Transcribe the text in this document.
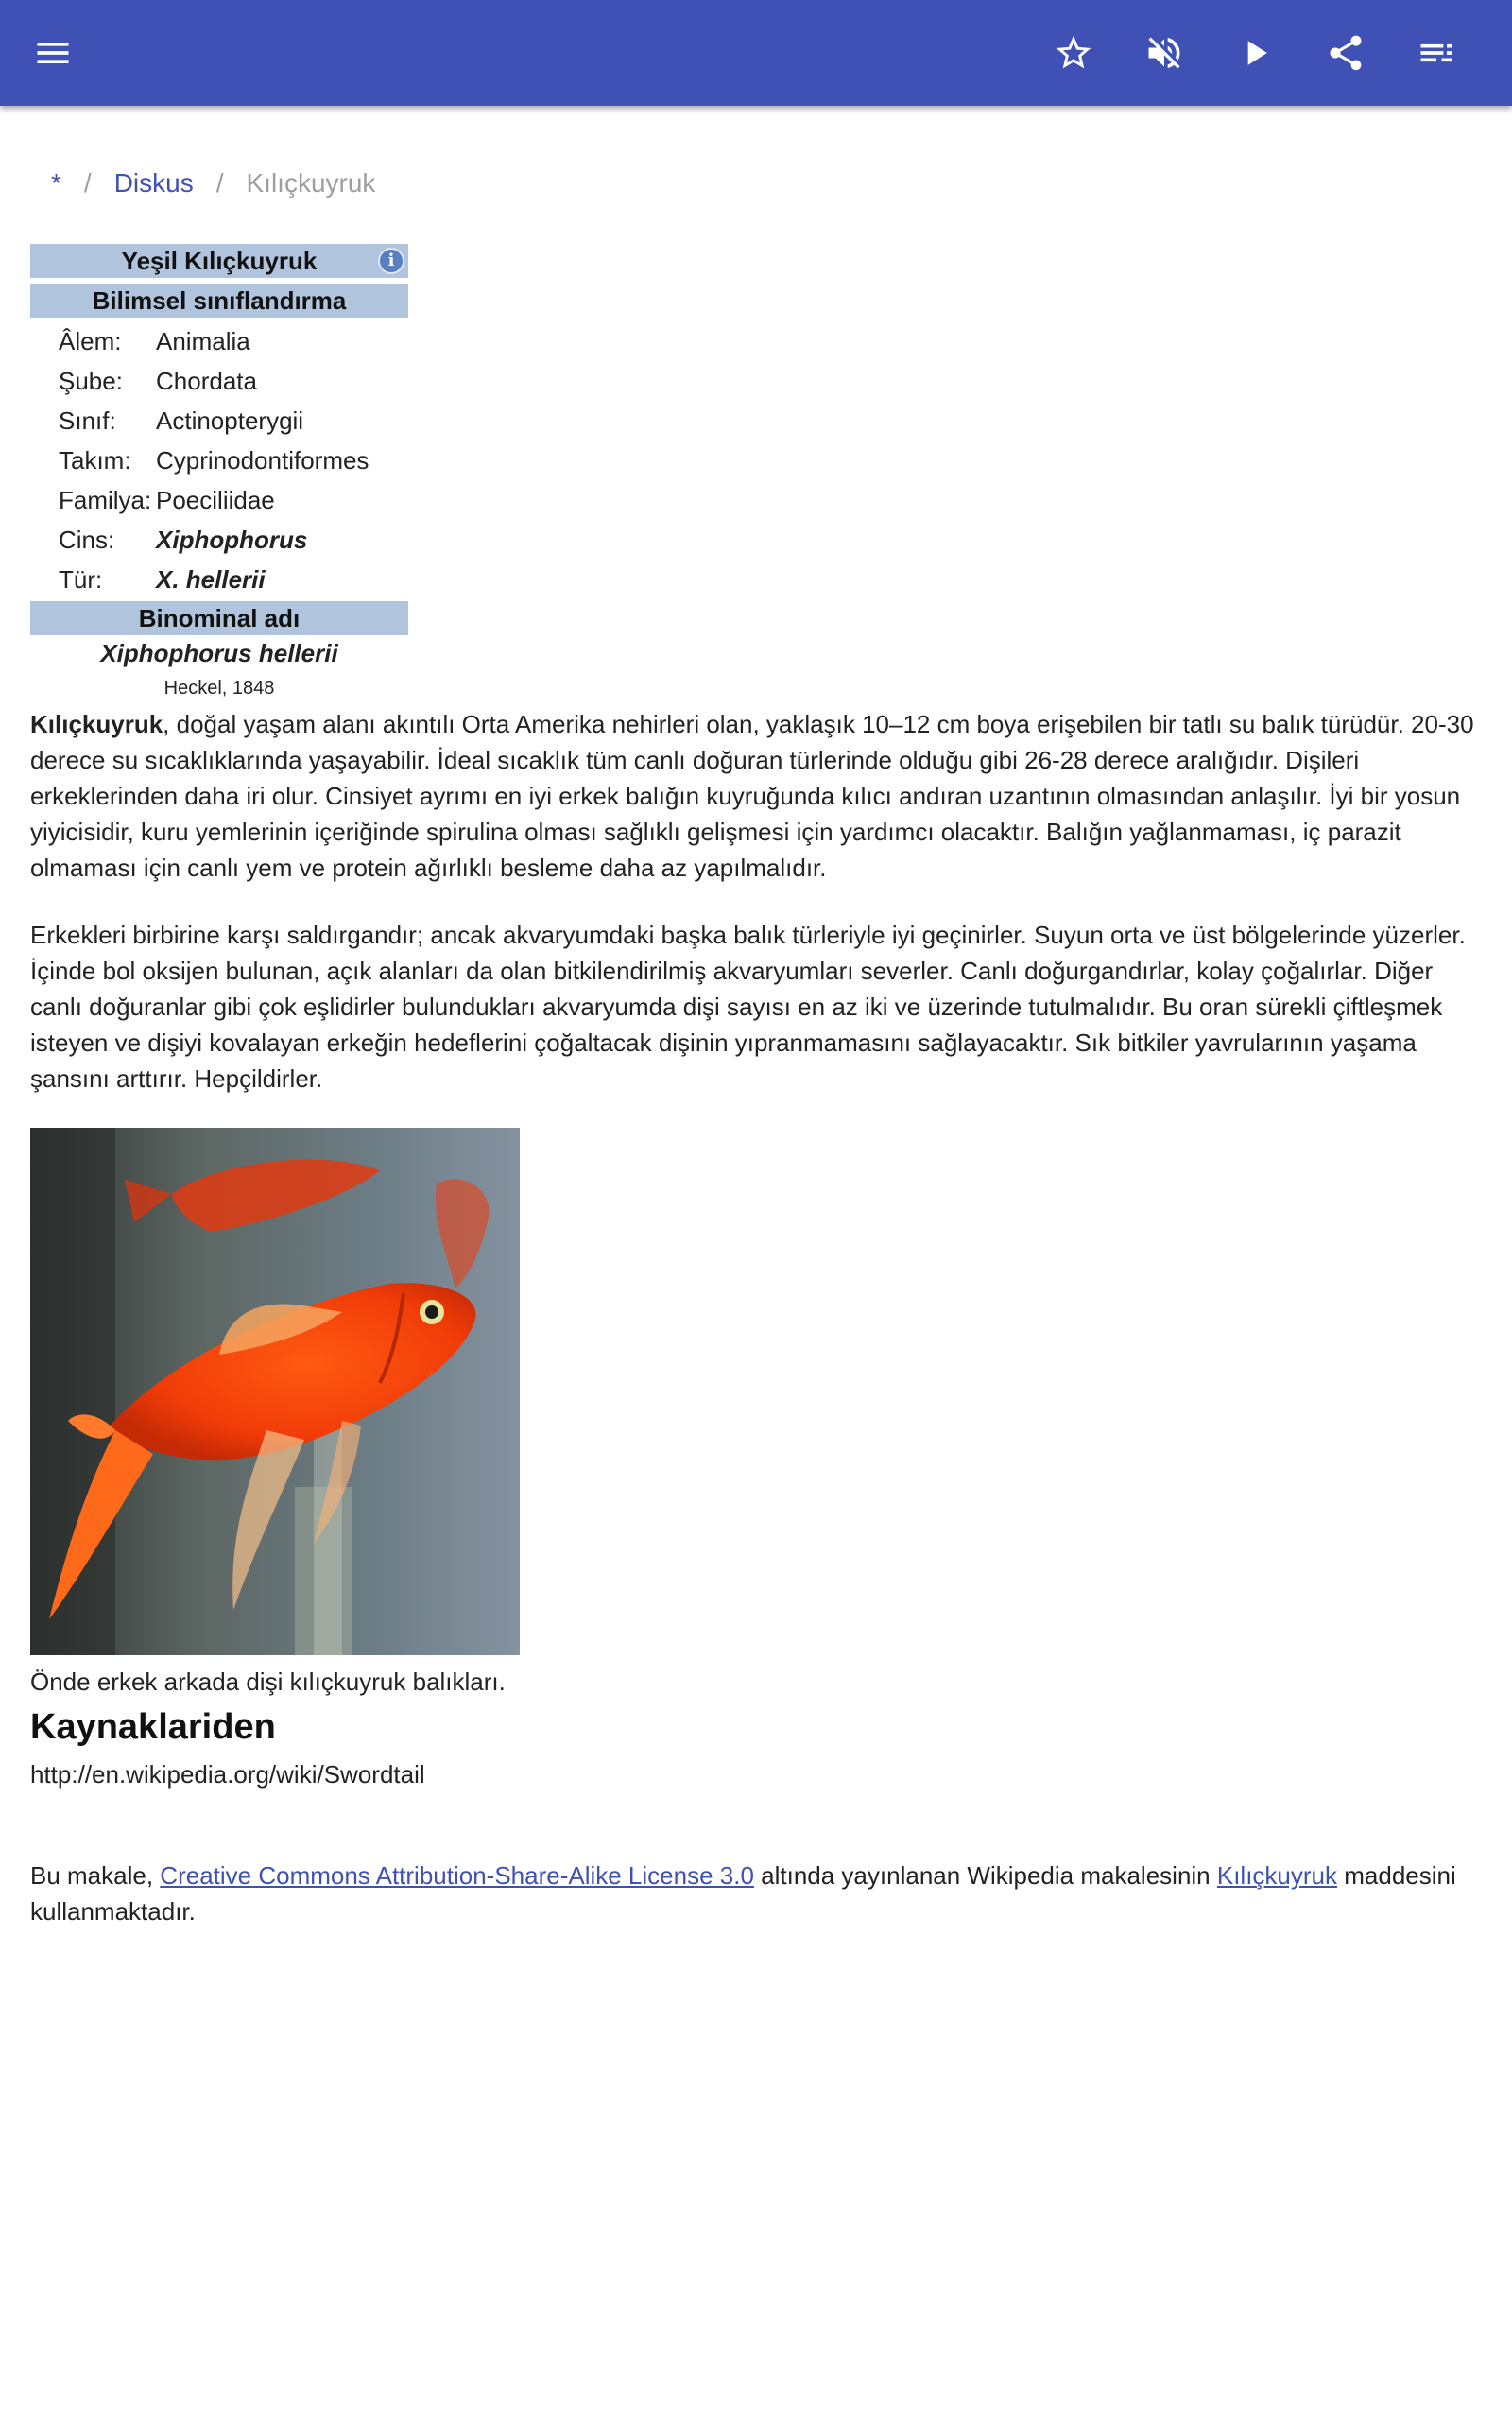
* / Diskus / Kılıçkuyruk
Yeşil Kılıçkuyruk	i
Bilimsel sınıflandırma
Âlem:	Animalia
Şube:	Chordata
Sınıf:	Actinopterygii
Takım:	Cyprinodontiformes
Familya:	Poeciliidae
Cins:	Xiphophorus
Tür:	X. hellerii
Binominal adı
Xiphophorus hellerii
Heckel, 1848

Kılıçkuyruk, doğal yaşam alanı akıntılı Orta Amerika nehirleri olan, yaklaşık 10–12 cm boya erişebilen bir tatlı su balık türüdür. 20-30 derece su sıcaklıklarında yaşayabilir. İdeal sıcaklık tüm canlı doğuran türlerinde olduğu gibi 26-28 derece aralığıdır. Dişileri erkeklerinden daha iri olur. Cinsiyet ayrımı en iyi erkek balığın kuyruğunda kılıcı andıran uzantının olmasından anlaşılır. İyi bir yosun yiyicisidir, kuru yemlerinin içeriğinde spirulina olması sağlıklı gelişmesi için yardımcı olacaktır. Balığın yağlanmaması, iç parazit olmaması için canlı yem ve protein ağırlıklı besleme daha az yapılmalıdır.

Erkekleri birbirine karşı saldırgandır; ancak akvaryumdaki başka balık türleriyle iyi geçinirler. Suyun orta ve üst bölgelerinde yüzerler. İçinde bol oksijen bulunan, açık alanları da olan bitkilendirilmiş akvaryumları severler. Canlı doğurgandırlar, kolay çoğalırlar. Diğer canlı doğuranlar gibi çok eşlidirler bulundukları akvaryumda dişi sayısı en az iki ve üzerinde tutulmalıdır. Bu oran sürekli çiftleşmek isteyen ve dişiyi kovalayan erkeğin hedeflerini çoğaltacak dişinin yıpranmamasını sağlayacaktır. Sık bitkiler yavrularının yaşama şansını arttırır. Hepçildirler.

Önde erkek arkada dişi kılıçkuyruk balıkları.

Kaynaklariden

http://en.wikipedia.org/wiki/Swordtail

Bu makale, Creative Commons Attribution-Share-Alike License 3.0 altında yayınlanan Wikipedia makalesinin Kılıçkuyruk maddesini kullanmaktadır.
